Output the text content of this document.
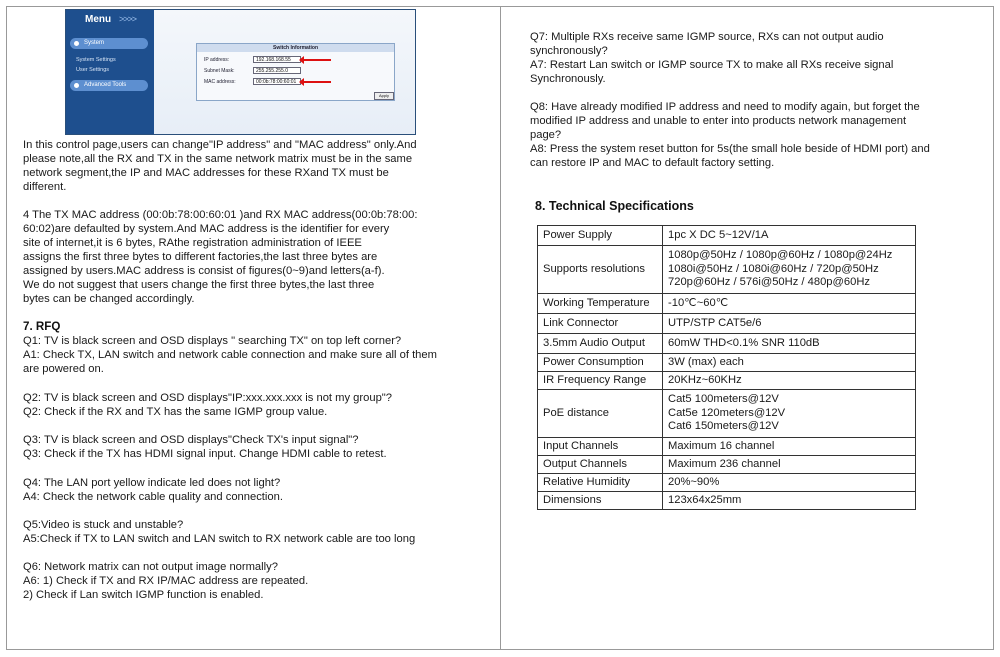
Menu >>>>
System
System Settings
User Settings
Advanced Tools
Switch Information
IP address:	192.168.168.55
Subnet Mask:	255.255.255.0
MAC address:	00:0b:78:00:60:01
Apply
In this control page,users can change"IP address" and "MAC address" only.And
please note,all the RX and TX in the same network matrix must be in the same
network segment,the IP and MAC addresses for these RXand TX must be
different.
4 The TX MAC address (00:0b:78:00:60:01 )and RX MAC address(00:0b:78:00:
60:02)are defaulted by system.And MAC address is the identifier for every
site of internet,it is 6 bytes, RAthe registration administration of IEEE
assigns the first three bytes to different factories,the last three bytes are
assigned by users.MAC address is consist of figures(0~9)and letters(a-f).
We do not suggest that users change the first three bytes,the last three
bytes can be changed accordingly.
7. RFQ
Q1: TV is black screen and OSD displays " searching TX" on top left corner?
A1: Check TX, LAN switch and network cable connection and make sure all of them
are powered on.
Q2: TV is black screen and OSD displays"IP:xxx.xxx.xxx is not my group"?
Q2: Check if the RX and TX has the same IGMP group value.
Q3: TV is black screen and OSD displays"Check TX's input signal"?
Q3: Check if the TX has HDMI signal input. Change HDMI cable to retest.
Q4: The LAN port yellow indicate led does not light?
A4: Check the network cable quality and connection.
Q5:Video is stuck and unstable?
A5:Check if TX to LAN switch and LAN switch to RX network cable are too long
Q6: Network matrix can not output image normally?
A6: 1) Check if TX and RX IP/MAC address are repeated.
2) Check if Lan switch IGMP function is enabled.
Q7: Multiple RXs receive same IGMP source, RXs can not output audio
synchronously?
A7: Restart Lan switch or IGMP source TX to make all RXs receive signal
Synchronously.
Q8: Have already modified IP address and need to modify again, but forget the
modified IP address and unable to enter into products network management
page?
A8: Press the system reset button for 5s(the small hole beside of HDMI port) and
can restore IP and MAC to default factory setting.
8. Technical Specifications
Power Supply	1pc X DC 5~12V/1A

Supports resolutions	1080p@50Hz / 1080p@60Hz / 1080p@24Hz
1080i@50Hz / 1080i@60Hz / 720p@50Hz
720p@60Hz / 576i@50Hz / 480p@60Hz

Working Temperature	-10℃~60℃

Link Connector	UTP/STP CAT5e/6

3.5mm Audio Output	60mW THD<0.1% SNR 110dB

Power Consumption	3W (max) each

IR Frequency Range	20KHz~60KHz

PoE distance	Cat5 100meters@12V
Cat5e 120meters@12V
Cat6 150meters@12V

Input Channels	Maximum 16 channel

Output Channels	Maximum 236 channel

Relative Humidity	20%~90%

Dimensions	123x64x25mm
